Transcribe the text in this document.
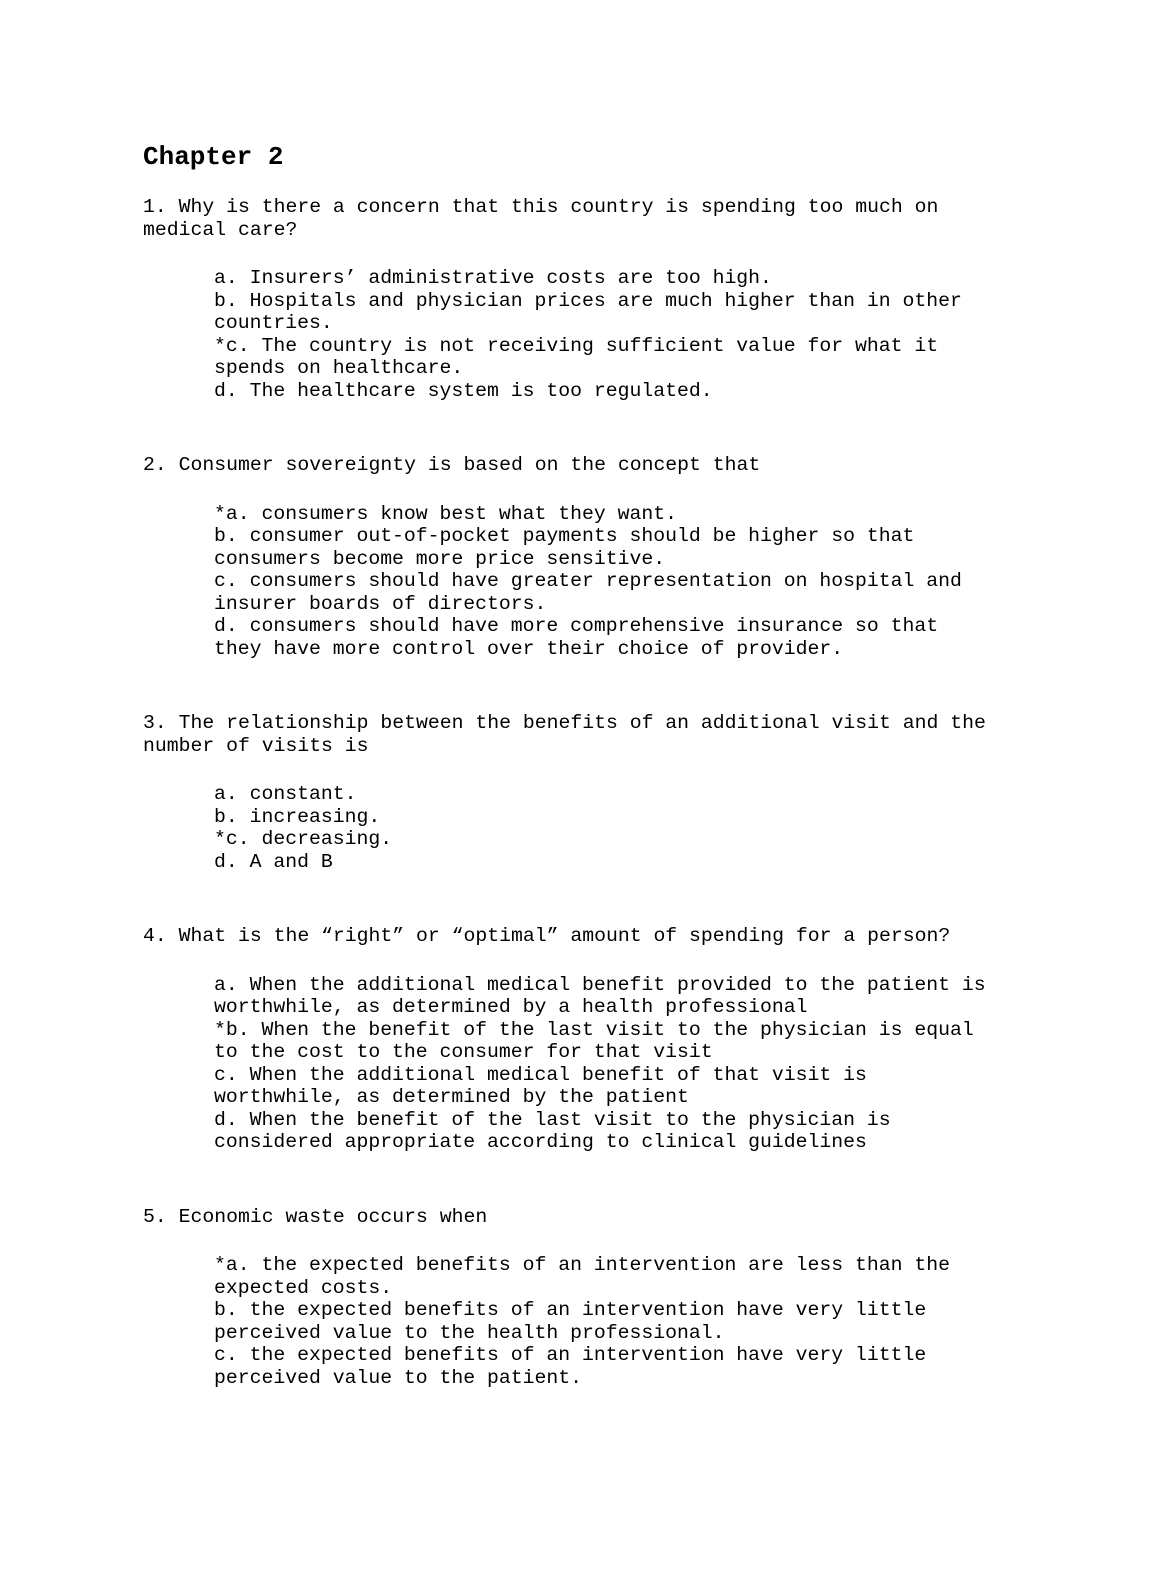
Chapter 2

1. Why is there a concern that this country is spending too much on
medical care?

a. Insurers’ administrative costs are too high.
b. Hospitals and physician prices are much higher than in other
countries.
*c. The country is not receiving sufficient value for what it
spends on healthcare.
d. The healthcare system is too regulated.

2. Consumer sovereignty is based on the concept that

*a. consumers know best what they want.
b. consumer out-of-pocket payments should be higher so that
consumers become more price sensitive.
c. consumers should have greater representation on hospital and
insurer boards of directors.
d. consumers should have more comprehensive insurance so that
they have more control over their choice of provider.

3. The relationship between the benefits of an additional visit and the
number of visits is

a. constant.
b. increasing.
*c. decreasing.
d. A and B

4. What is the “right” or “optimal” amount of spending for a person?

a. When the additional medical benefit provided to the patient is
worthwhile, as determined by a health professional
*b. When the benefit of the last visit to the physician is equal
to the cost to the consumer for that visit
c. When the additional medical benefit of that visit is
worthwhile, as determined by the patient
d. When the benefit of the last visit to the physician is
considered appropriate according to clinical guidelines

5. Economic waste occurs when

*a. the expected benefits of an intervention are less than the
expected costs.
b. the expected benefits of an intervention have very little
perceived value to the health professional.
c. the expected benefits of an intervention have very little
perceived value to the patient.
